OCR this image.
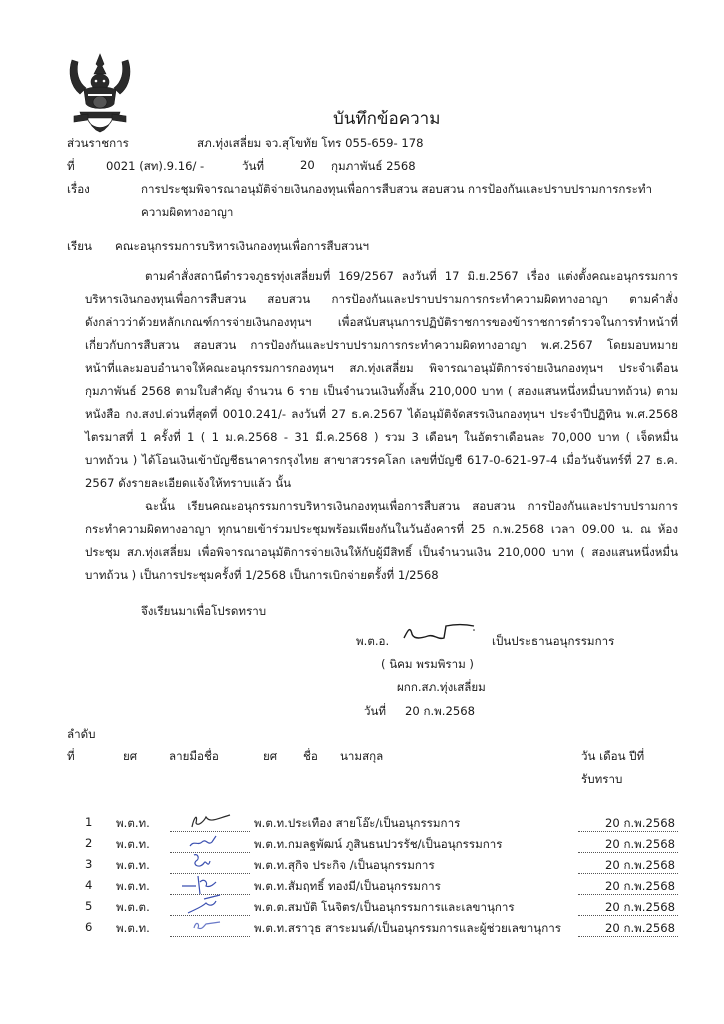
บันทึกข้อความ
ส่วนราชการ	สภ.ทุ่งเสลี่ยม จว.สุโขทัย โทร 055-659- 178
ที่	0021 (สท).9.16/ -	วันที่	20 กุมภาพันธ์ 2568
เรื่อง	การประชุมพิจารณาอนุมัติจ่ายเงินกองทุนเพื่อการสืบสวน สอบสวน การป้องกันและปราบปรามการกระทำ
ความผิดทางอาญา
เรียน คณะอนุกรรมการบริหารเงินกองทุนเพื่อการสืบสวนฯ
ตามคำสั่งสถานีตำรวจภูธรทุ่งเสลี่ยมที่ 169/2567 ลงวันที่ 17 มิ.ย.2567 เรื่อง แต่งตั้งคณะอนุกรรมการ
บริหารเงินกองทุนเพื่อการสืบสวน สอบสวน การป้องกันและปราบปรามการกระทำความผิดทางอาญา ตามคำสั่ง
ดังกล่าวว่าด้วยหลักเกณฑ์การจ่ายเงินกองทุนฯ เพื่อสนับสนุนการปฏิบัติราชการของข้าราชการตำรวจในการทำหน้าที่
เกี่ยวกับการสืบสวน สอบสวน การป้องกันและปราบปรามการกระทำความผิดทางอาญา พ.ศ.2567 โดยมอบหมาย
หน้าที่และมอบอำนาจให้คณะอนุกรรมการกองทุนฯ สภ.ทุ่งเสลี่ยม พิจารณาอนุมัติการจ่ายเงินกองทุนฯ ประจำเดือน
กุมภาพันธ์ 2568 ตามใบสำคัญ จำนวน 6 ราย เป็นจำนวนเงินทั้งสิ้น 210,000 บาท ( สองแสนหนึ่งหมื่นบาทถ้วน) ตาม
หนังสือ กง.สงป.ด่วนที่สุดที่ 0010.241/- ลงวันที่ 27 ธ.ค.2567 ได้อนุมัติจัดสรรเงินกองทุนฯ ประจำปีปฏิทิน พ.ศ.2568
ไตรมาสที่ 1 ครั้งที่ 1 ( 1 ม.ค.2568 - 31 มี.ค.2568 ) รวม 3 เดือนๆ ในอัตราเดือนละ 70,000 บาท ( เจ็ดหมื่น
บาทถ้วน ) ได้โอนเงินเข้าบัญชีธนาคารกรุงไทย สาขาสวรรคโลก เลขที่บัญชี 617-0-621-97-4 เมื่อวันจันทร์ที่ 27 ธ.ค.
2567 ดังรายละเอียดแจ้งให้ทราบแล้ว นั้น
ฉะนั้น เรียนคณะอนุกรรมการบริหารเงินกองทุนเพื่อการสืบสวน สอบสวน การป้องกันและปราบปรามการ
กระทำความผิดทางอาญา ทุกนายเข้าร่วมประชุมพร้อมเพียงกันในวันอังคารที่ 25 ก.พ.2568 เวลา 09.00 น. ณ ห้อง
ประชุม สภ.ทุ่งเสลี่ยม เพื่อพิจารณาอนุมัติการจ่ายเงินให้กับผู้มีสิทธิ์ เป็นจำนวนเงิน 210,000 บาท ( สองแสนหนึ่งหมื่น
บาทถ้วน ) เป็นการประชุมครั้งที่ 1/2568 เป็นการเบิกจ่ายตรั้งที่ 1/2568
จึงเรียนมาเพื่อโปรดทราบ
พ.ต.อ.	เป็นประธานอนุกรรมการ
( นิคม พรมพิราม )
ผกก.สภ.ทุ่งเสลี่ยม
วันที่ 20 ก.พ.2568
ลำดับ
ที่	ยศ	ลายมือชื่อ	ยศ ชื่อ นามสกุล	วัน เดือน ปีที่
รับทราบ
1 พ.ต.ท.	พ.ต.ท.ประเทือง สายโอ๊ะ/เป็นอนุกรรมการ	20 ก.พ.2568
2 พ.ต.ท.	พ.ต.ท.กมลฐพัฒน์ ภูสินธนปวรรัช/เป็นอนุกรรมการ	20 ก.พ.2568
3 พ.ต.ท.	พ.ต.ท.สุกิจ ประกิจ /เป็นอนุกรรมการ	20 ก.พ.2568
4 พ.ต.ท.	พ.ต.ท.สัมฤทธิ์ ทองมี/เป็นอนุกรรมการ	20 ก.พ.2568
5 พ.ต.ต.	พ.ต.ต.สมบัติ โนจิตร/เป็นอนุกรรมการและเลขานุการ	20 ก.พ.2568
6 พ.ต.ท.	พ.ต.ท.สราวุธ สาระมนต์/เป็นอนุกรรมการและผู้ช่วยเลขานุการ	20 ก.พ.2568
